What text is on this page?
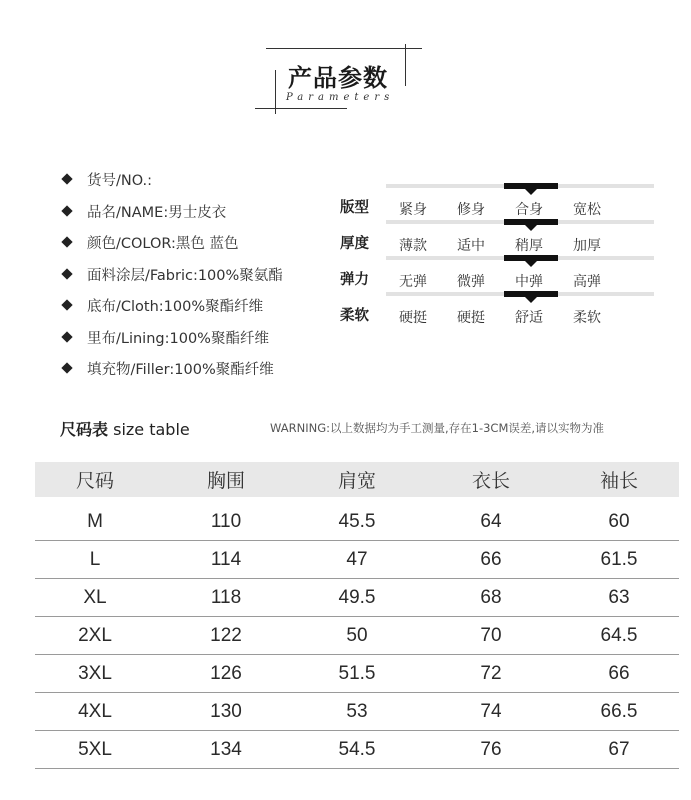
产品参数
Parameters
货号/NO.:
品名/NAME:男士皮衣
颜色/COLOR:黑色 蓝色
面料涂层/Fabric:100%聚氨酯
底布/Cloth:100%聚酯纤维
里布/Lining:100%聚酯纤维
填充物/Filler:100%聚酯纤维
版型	紧身	修身	合身	宽松
厚度	薄款	适中	稍厚	加厚
弹力	无弹	微弹	中弹	高弹
柔软	硬挺	硬挺	舒适	柔软
尺码表 size table	WARNING:以上数据均为手工测量,存在1-3CM误差,请以实物为准
尺码	胸围	肩宽	衣长	袖长
M	110	45.5	64	60
L	114	47	66	61.5
XL	118	49.5	68	63
2XL	122	50	70	64.5
3XL	126	51.5	72	66
4XL	130	53	74	66.5
5XL	134	54.5	76	67
